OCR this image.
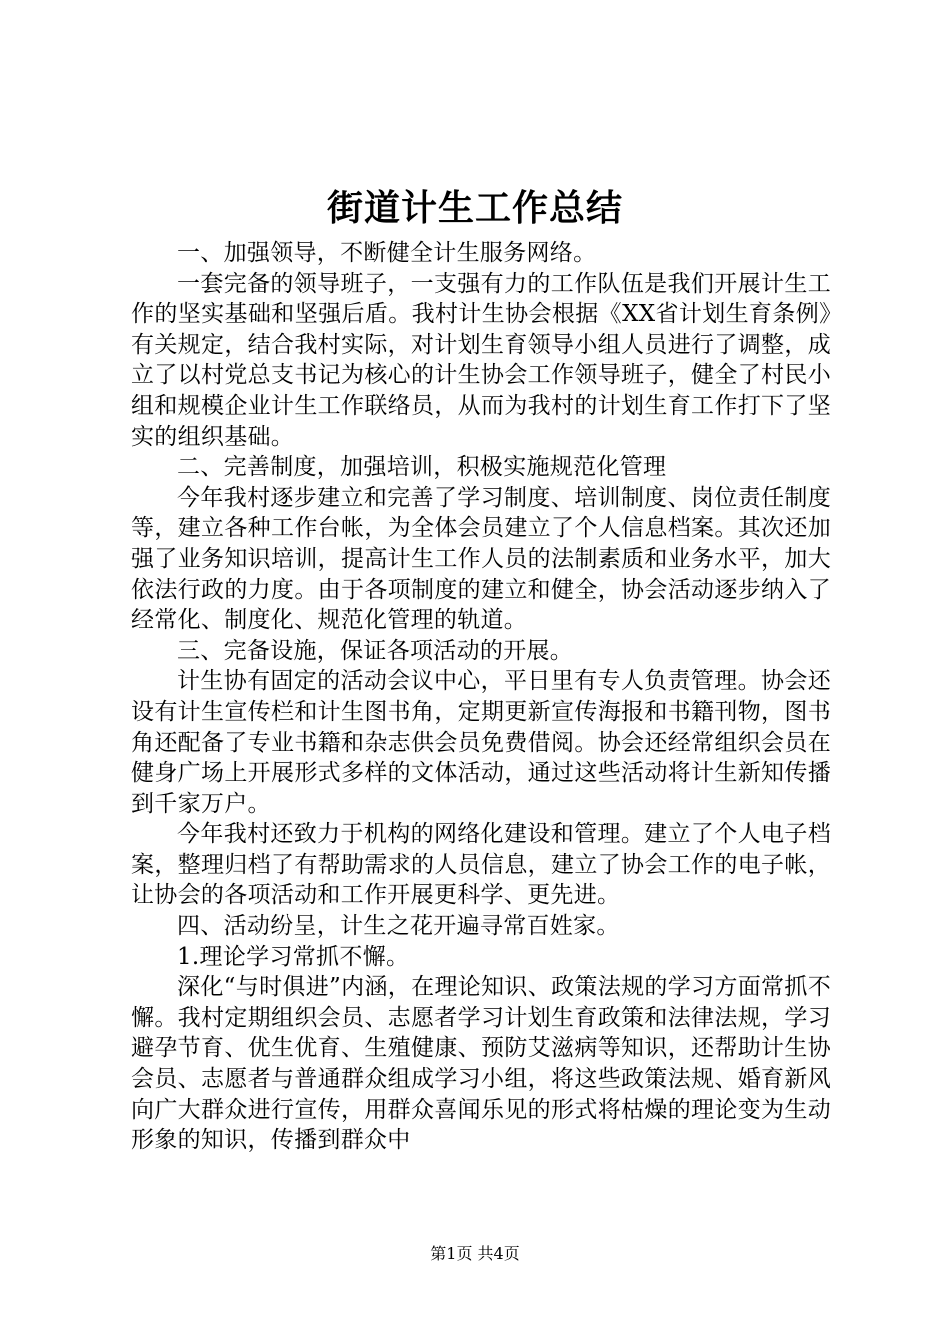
街道计生工作总结

一、加强领导，不断健全计生服务网络。

一套完备的领导班子，一支强有力的工作队伍是我们开展计生工作的坚实基础和坚强后盾。我村计生协会根据《XX省计划生育条例》有关规定，结合我村实际，对计划生育领导小组人员进行了调整，成立了以村党总支书记为核心的计生协会工作领导班子，健全了村民小组和规模企业计生工作联络员，从而为我村的计划生育工作打下了坚实的组织基础。

二、完善制度，加强培训，积极实施规范化管理

今年我村逐步建立和完善了学习制度、培训制度、岗位责任制度等，建立各种工作台帐，为全体会员建立了个人信息档案。其次还加强了业务知识培训，提高计生工作人员的法制素质和业务水平，加大依法行政的力度。由于各项制度的建立和健全，协会活动逐步纳入了经常化、制度化、规范化管理的轨道。

三、完备设施，保证各项活动的开展。

计生协有固定的活动会议中心，平日里有专人负责管理。协会还设有计生宣传栏和计生图书角，定期更新宣传海报和书籍刊物，图书角还配备了专业书籍和杂志供会员免费借阅。协会还经常组织会员在健身广场上开展形式多样的文体活动，通过这些活动将计生新知传播到千家万户。

今年我村还致力于机构的网络化建设和管理。建立了个人电子档案，整理归档了有帮助需求的人员信息，建立了协会工作的电子帐，让协会的各项活动和工作开展更科学、更先进。

四、活动纷呈，计生之花开遍寻常百姓家。

1.理论学习常抓不懈。

深化“与时俱进”内涵，在理论知识、政策法规的学习方面常抓不懈。我村定期组织会员、志愿者学习计划生育政策和法律法规，学习避孕节育、优生优育、生殖健康、预防艾滋病等知识，还帮助计生协会员、志愿者与普通群众组成学习小组，将这些政策法规、婚育新风向广大群众进行宣传，用群众喜闻乐见的形式将枯燥的理论变为生动形象的知识，传播到群众中

第1页 共4页
